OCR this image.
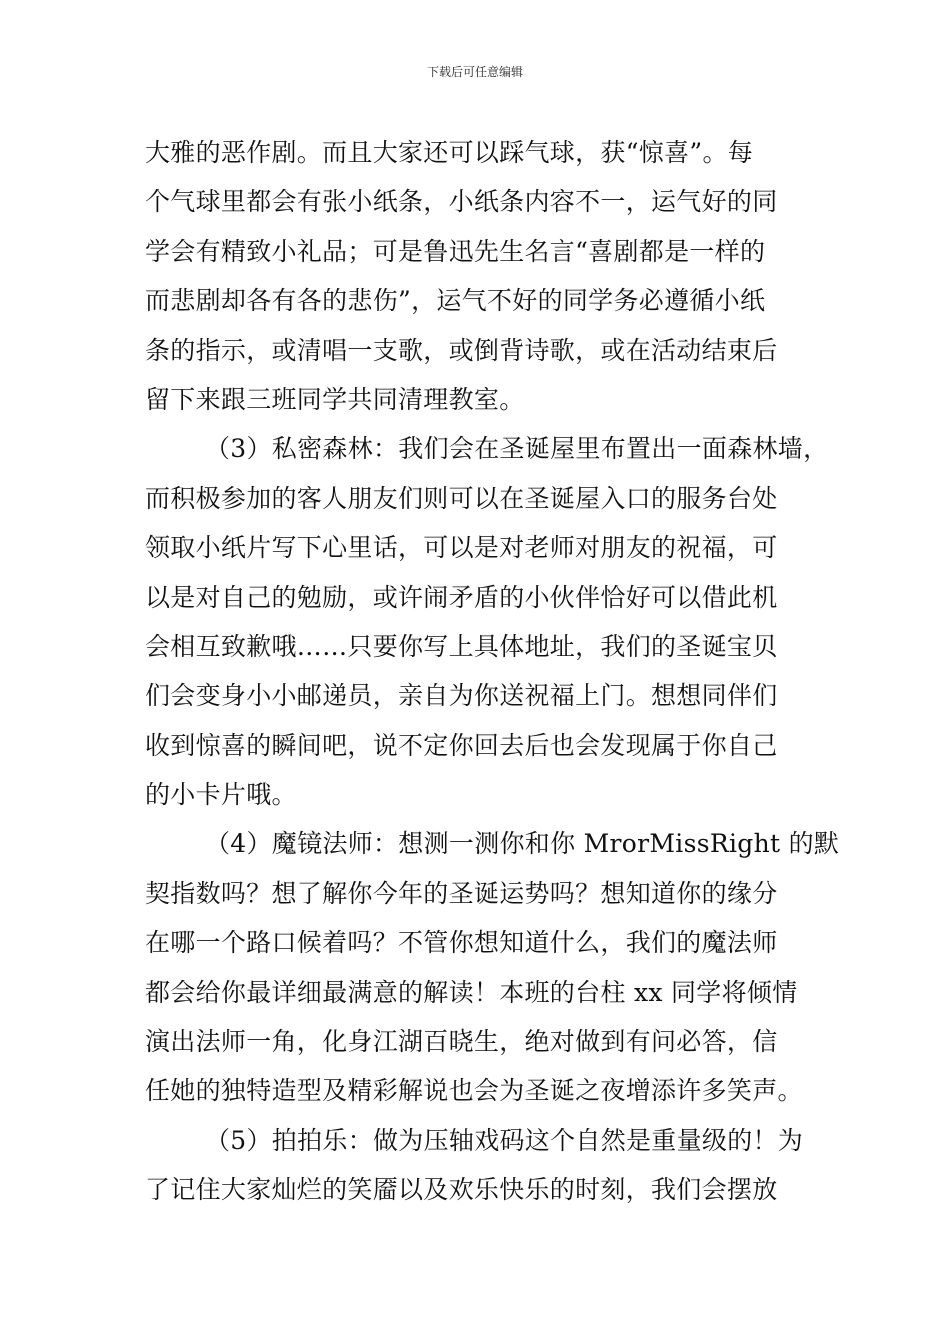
下载后可任意编辑
大雅的恶作剧。而且大家还可以踩气球，获“惊喜”。每
个气球里都会有张小纸条，小纸条内容不一，运气好的同
学会有精致小礼品；可是鲁迅先生名言“喜剧都是一样的
而悲剧却各有各的悲伤”，运气不好的同学务必遵循小纸
条的指示，或清唱一支歌，或倒背诗歌，或在活动结束后
留下来跟三班同学共同清理教室。
（3）私密森林：我们会在圣诞屋里布置出一面森林墙，
而积极参加的客人朋友们则可以在圣诞屋入口的服务台处
领取小纸片写下心里话，可以是对老师对朋友的祝福，可
以是对自己的勉励，或许闹矛盾的小伙伴恰好可以借此机
会相互致歉哦……只要你写上具体地址，我们的圣诞宝贝
们会变身小小邮递员，亲自为你送祝福上门。想想同伴们
收到惊喜的瞬间吧，说不定你回去后也会发现属于你自己
的小卡片哦。
（4）魔镜法师：想测一测你和你 MrorMissRight 的默
契指数吗？想了解你今年的圣诞运势吗？想知道你的缘分
在哪一个路口候着吗？不管你想知道什么，我们的魔法师
都会给你最详细最满意的解读！本班的台柱 xx 同学将倾情
演出法师一角，化身江湖百晓生，绝对做到有问必答，信
任她的独特造型及精彩解说也会为圣诞之夜增添许多笑声。
（5）拍拍乐：做为压轴戏码这个自然是重量级的！为
了记住大家灿烂的笑靥以及欢乐快乐的时刻，我们会摆放
